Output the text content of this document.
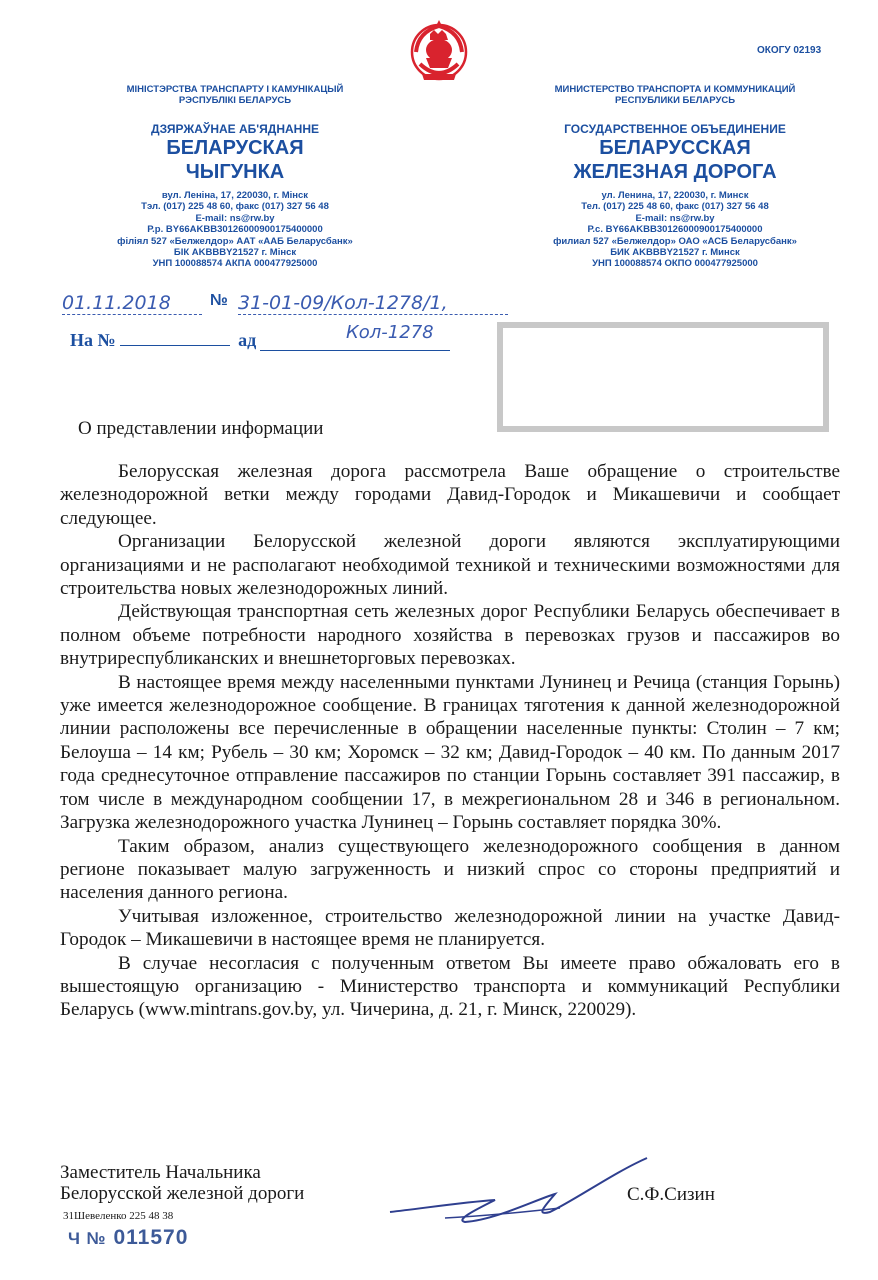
ОКОГУ 02193
МІНІСТЭРСТВА ТРАНСПАРТУ І КАМУНІКАЦЫЙ
РЭСПУБЛІКІ БЕЛАРУСЬ
ДЗЯРЖАЎНАЕ АБ'ЯДНАННЕ
БЕЛАРУСКАЯ
ЧЫГУНКА
вул. Леніна, 17, 220030, г. Мінск
Тэл. (017) 225 48 60, факс (017) 327 56 48
E-mail: ns@rw.by
Р.р. BY66AKBB30126000900175400000
філіял 527 «Белжелдор» ААТ «ААБ Беларусбанк»
БІК AKBBBY21527 г. Мінск
УНП 100088574 АКПА 000477925000
МИНИСТЕРСТВО ТРАНСПОРТА И КОММУНИКАЦИЙ
РЕСПУБЛИКИ БЕЛАРУСЬ
ГОСУДАРСТВЕННОЕ ОБЪЕДИНЕНИЕ
БЕЛАРУССКАЯ
ЖЕЛЕЗНАЯ ДОРОГА
ул. Ленина, 17, 220030, г. Минск
Тел. (017) 225 48 60, факс (017) 327 56 48
E-mail: ns@rw.by
Р.с. BY66AKBB30126000900175400000
филиал 527 «Белжелдор» ОАО «АСБ Беларусбанк»
БИК AKBBBY21527 г. Минск
УНП 100088574 ОКПО 000477925000
01.11.2018	№ 31-01-09/Кол-1278/1,
На №	ад	Кол-1278
О представлении информации

Белорусская железная дорога рассмотрела Ваше обращение о строительстве железнодорожной ветки между городами Давид-Городок и Микашевичи и сообщает следующее.

Организации Белорусской железной дороги являются эксплуатирующими организациями и не располагают необходимой техникой и техническими возможностями для строительства новых железнодорожных линий.

Действующая транспортная сеть железных дорог Республики Беларусь обеспечивает в полном объеме потребности народного хозяйства в перевозках грузов и пассажиров во внутриреспубликанских и внешнеторговых перевозках.

В настоящее время между населенными пунктами Лунинец и Речица (станция Горынь) уже имеется железнодорожное сообщение. В границах тяготения к данной железнодорожной линии расположены все перечисленные в обращении населенные пункты: Столин – 7 км; Белоуша – 14 км; Рубель – 30 км; Хоромск – 32 км; Давид-Городок – 40 км. По данным 2017 года среднесуточное отправление пассажиров по станции Горынь составляет 391 пассажир, в том числе в международном сообщении 17, в межрегиональном 28 и 346 в региональном. Загрузка железнодорожного участка Лунинец – Горынь составляет порядка 30%.

Таким образом, анализ существующего железнодорожного сообщения в данном регионе показывает малую загруженность и низкий спрос со стороны предприятий и населения данного региона.

Учитывая изложенное, строительство железнодорожной линии на участке Давид-Городок – Микашевичи в настоящее время не планируется.

В случае несогласия с полученным ответом Вы имеете право обжаловать его в вышестоящую организацию - Министерство транспорта и коммуникаций Республики Беларусь (www.mintrans.gov.by, ул. Чичерина, д. 21, г. Минск, 220029).

Заместитель Начальника
Белорусской железной дороги	С.Ф.Сизин
31Шевеленко 225 48 38
Ч № 011570
